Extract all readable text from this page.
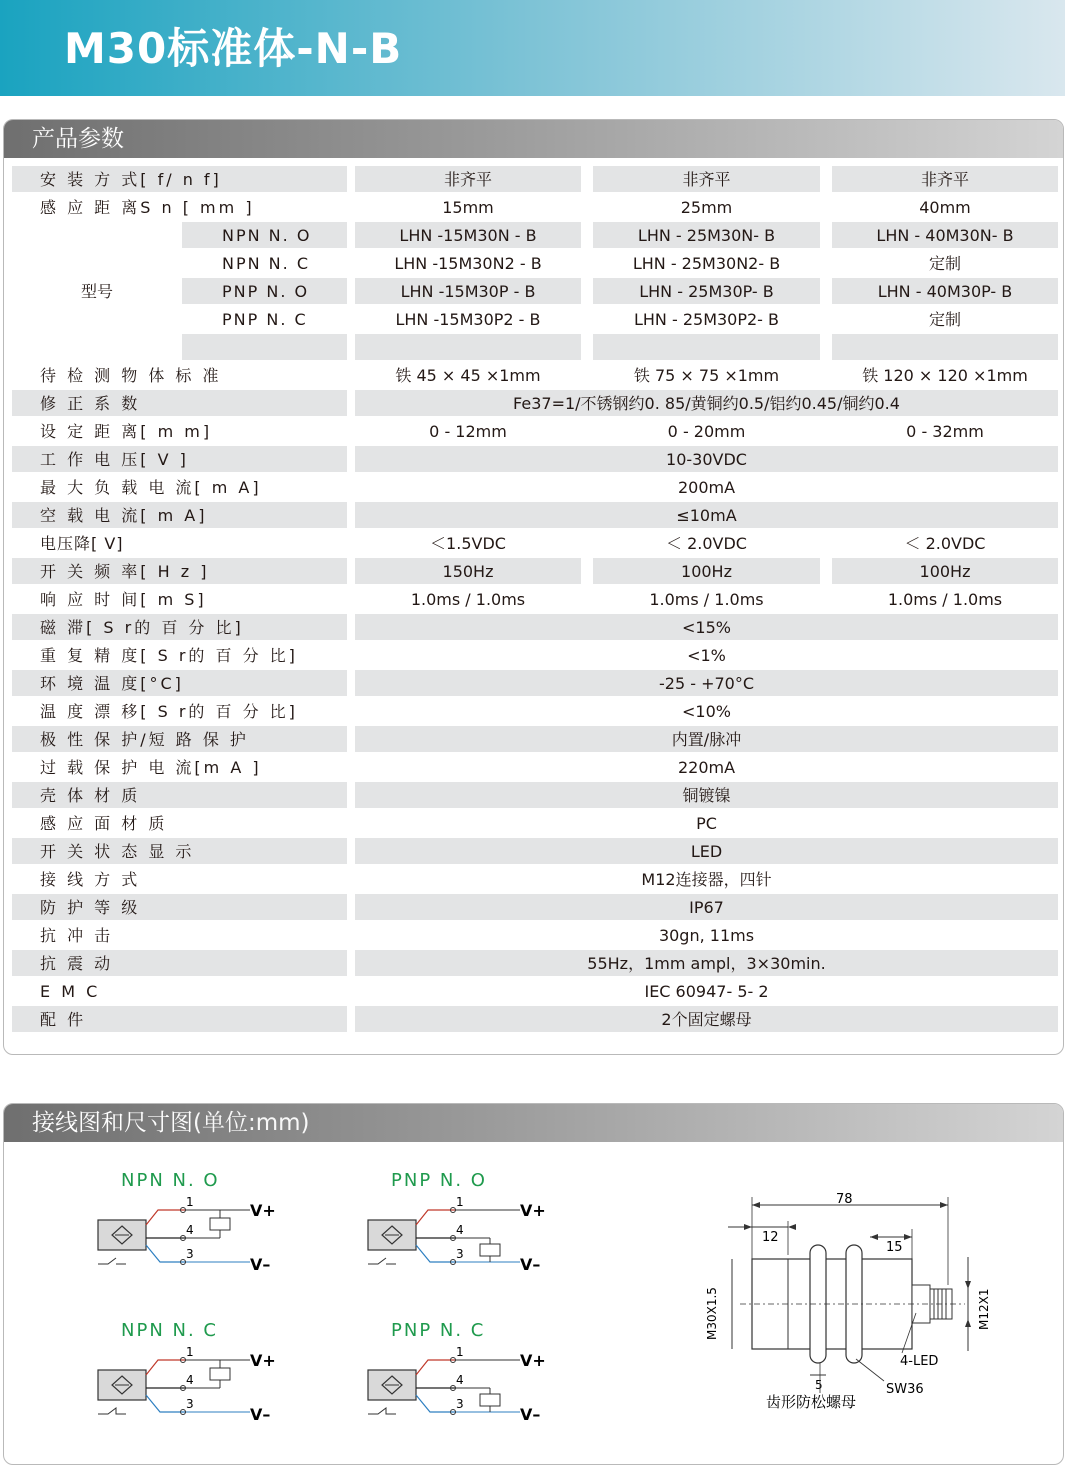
M30标准体-N-B
产品参数
安 装 方 式[ f/ n f]	非齐平	非齐平	非齐平
感 应 距 离S n [ mm ]	15mm	25mm	40mm
型号
NPN N. O	LHN -15M30N - B	LHN - 25M30N- B	LHN - 40M30N- B
NPN N. C	LHN -15M30N2 - B	LHN - 25M30N2- B	定制
PNP N. O	LHN -15M30P - B	LHN - 25M30P- B	LHN - 40M30P- B
PNP N. C	LHN -15M30P2 - B	LHN - 25M30P2- B	定制
待 检 测 物 体 标 准	铁 45 × 45 ×1mm	铁 75 × 75 ×1mm	铁 120 × 120 ×1mm
修 正 系 数	Fe37=1/不锈钢约0. 85/黄铜约0.5/铝约0.45/铜约0.4
设 定 距 离[ m m]	0 - 12mm	0 - 20mm	0 - 32mm
工 作 电 压[ V ]	10-30VDC
最 大 负 载 电 流[ m A]	200mA
空 载 电 流[ m A]	≤10mA
电压降[ V]	＜1.5VDC	＜ 2.0VDC	＜ 2.0VDC
开 关 频 率[ H z ]	150Hz	100Hz	100Hz
响 应 时 间[ m S]	1.0ms / 1.0ms	1.0ms / 1.0ms	1.0ms / 1.0ms
磁 滞[ S r的 百 分 比]	<15%
重 复 精 度[ S r的 百 分 比]	<1%
环 境 温 度[°C]	-25 - +70°C
温 度 漂 移[ S r的 百 分 比]	<10%
极 性 保 护/短 路 保 护	内置/脉冲
过 载 保 护 电 流[m A ]	220mA
壳 体 材 质	铜镀镍
感 应 面 材 质	PC
开 关 状 态 显 示	LED
接 线 方 式	M12连接器，四针
防 护 等 级	IP67
抗 冲 击	30gn, 11ms
抗 震 动	55Hz，1mm ampl，3×30min.
E M C	IEC 60947- 5- 2
配 件	2个固定螺母
接线图和尺寸图(单位:mm)
NPN N. O	PNP N. O
NPN N. C	PNP N. C
1
4
3
V+
V–
1
4
3
V+
V–
1
4
3
V+
V–
1
4
3
V+
V–
78
12
15
M30X1.5	M12X1
4-LED
SW36
5
齿形防松螺母
